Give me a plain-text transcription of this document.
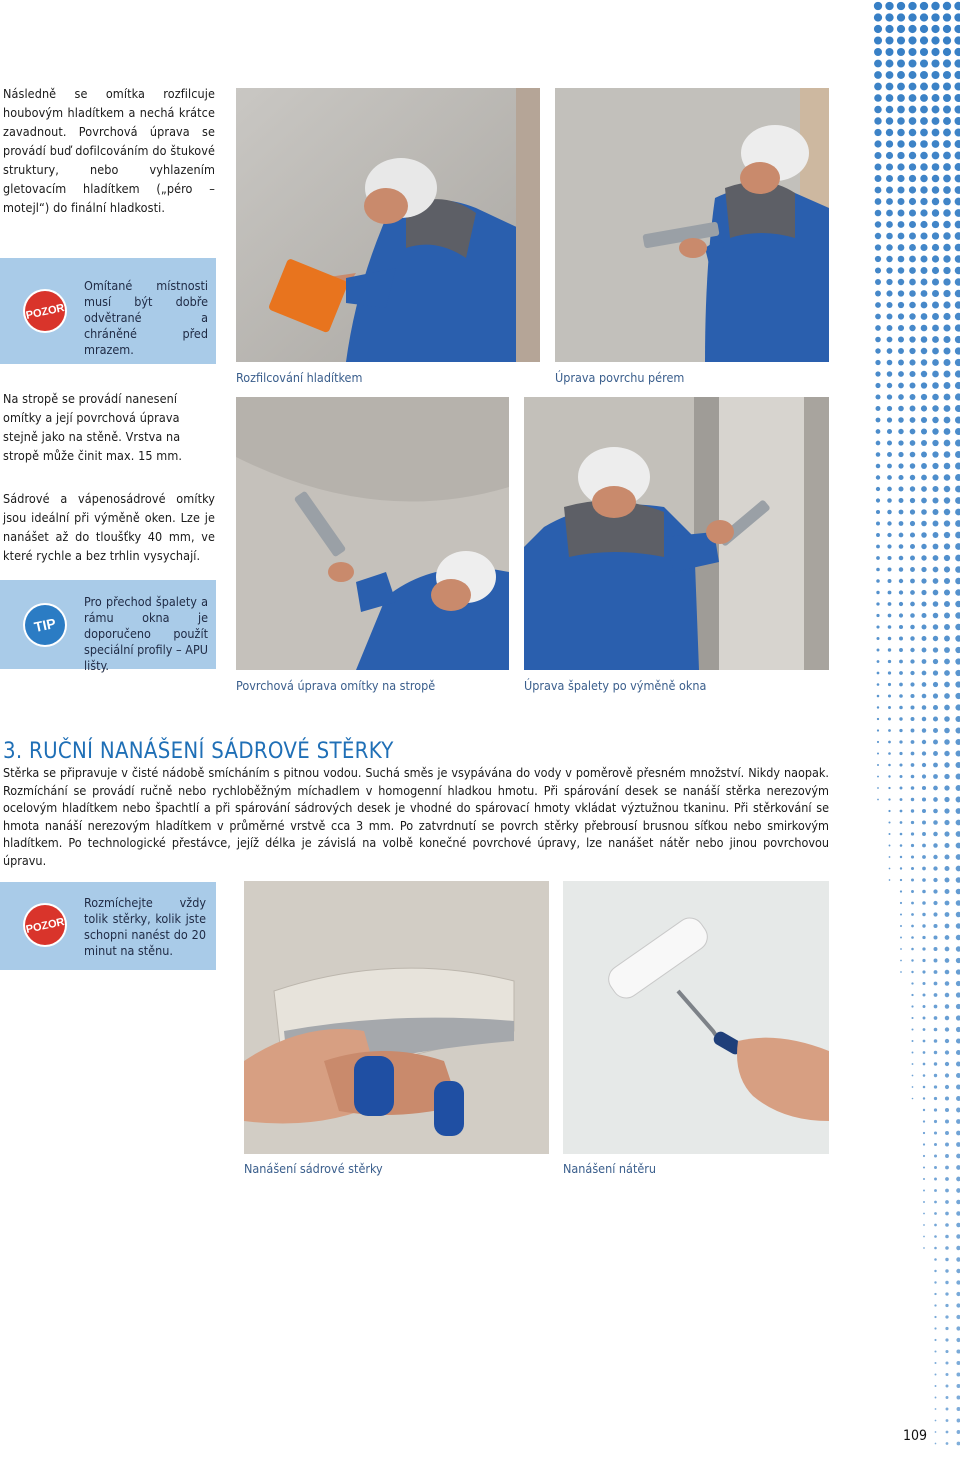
Následně se omítka rozfilcuje houbovým hladítkem a nechá krátce zavadnout. Povrchová úprava se provádí buď dofilcováním do štukové struktury, nebo vyhlazením gletovacím hladítkem („péro – motejl“) do finální hladkosti.
POZOR
Omítané místnosti musí být dobře odvětrané a chráněné před mrazem.
Na stropě se provádí nanesení omítky a její povrchová úprava stejně jako na stěně. Vrstva na stropě může činit max. 15 mm.
Sádrové a vápenosádrové omítky jsou ideální při výměně oken. Lze je nanášet až do tloušťky 40 mm, ve které rychle a bez trhlin vysychají.
TIP
Pro přechod špalety a rámu okna je doporučeno použít speciální profily – APU lišty.
Rozfilcování hladítkem	Úprava povrchu pérem
Povrchová úprava omítky na stropě	Úprava špalety po výměně okna
3. RUČNÍ NANÁŠENÍ SÁDROVÉ STĚRKY
Stěrka se připravuje v čisté nádobě smícháním s pitnou vodou. Suchá směs je vsypávána do vody v poměrově přesném množství. Nikdy naopak. Rozmíchání se provádí ručně nebo rychloběžným míchadlem v homogenní hladkou hmotu. Při spárování desek se nanáší stěrka nerezovým ocelovým hladítkem nebo špachtlí a při spárování sádrových desek je vhodné do spárovací hmoty vkládat výztužnou tkaninu. Při stěrkování se hmota nanáší nerezovým hladítkem v průměrné vrstvě cca 3 mm. Po zatvrdnutí se povrch stěrky přebrousí brusnou síťkou nebo smirkovým hladítkem. Po technologické přestávce, jejíž délka je závislá na volbě konečné povrchové úpravy, lze nanášet nátěr nebo jinou povrchovou úpravu.
POZOR
Rozmíchejte vždy tolik stěrky, kolik jste schopni nanést do 20 minut na stěnu.
Nanášení sádrové stěrky	Nanášení nátěru
109
